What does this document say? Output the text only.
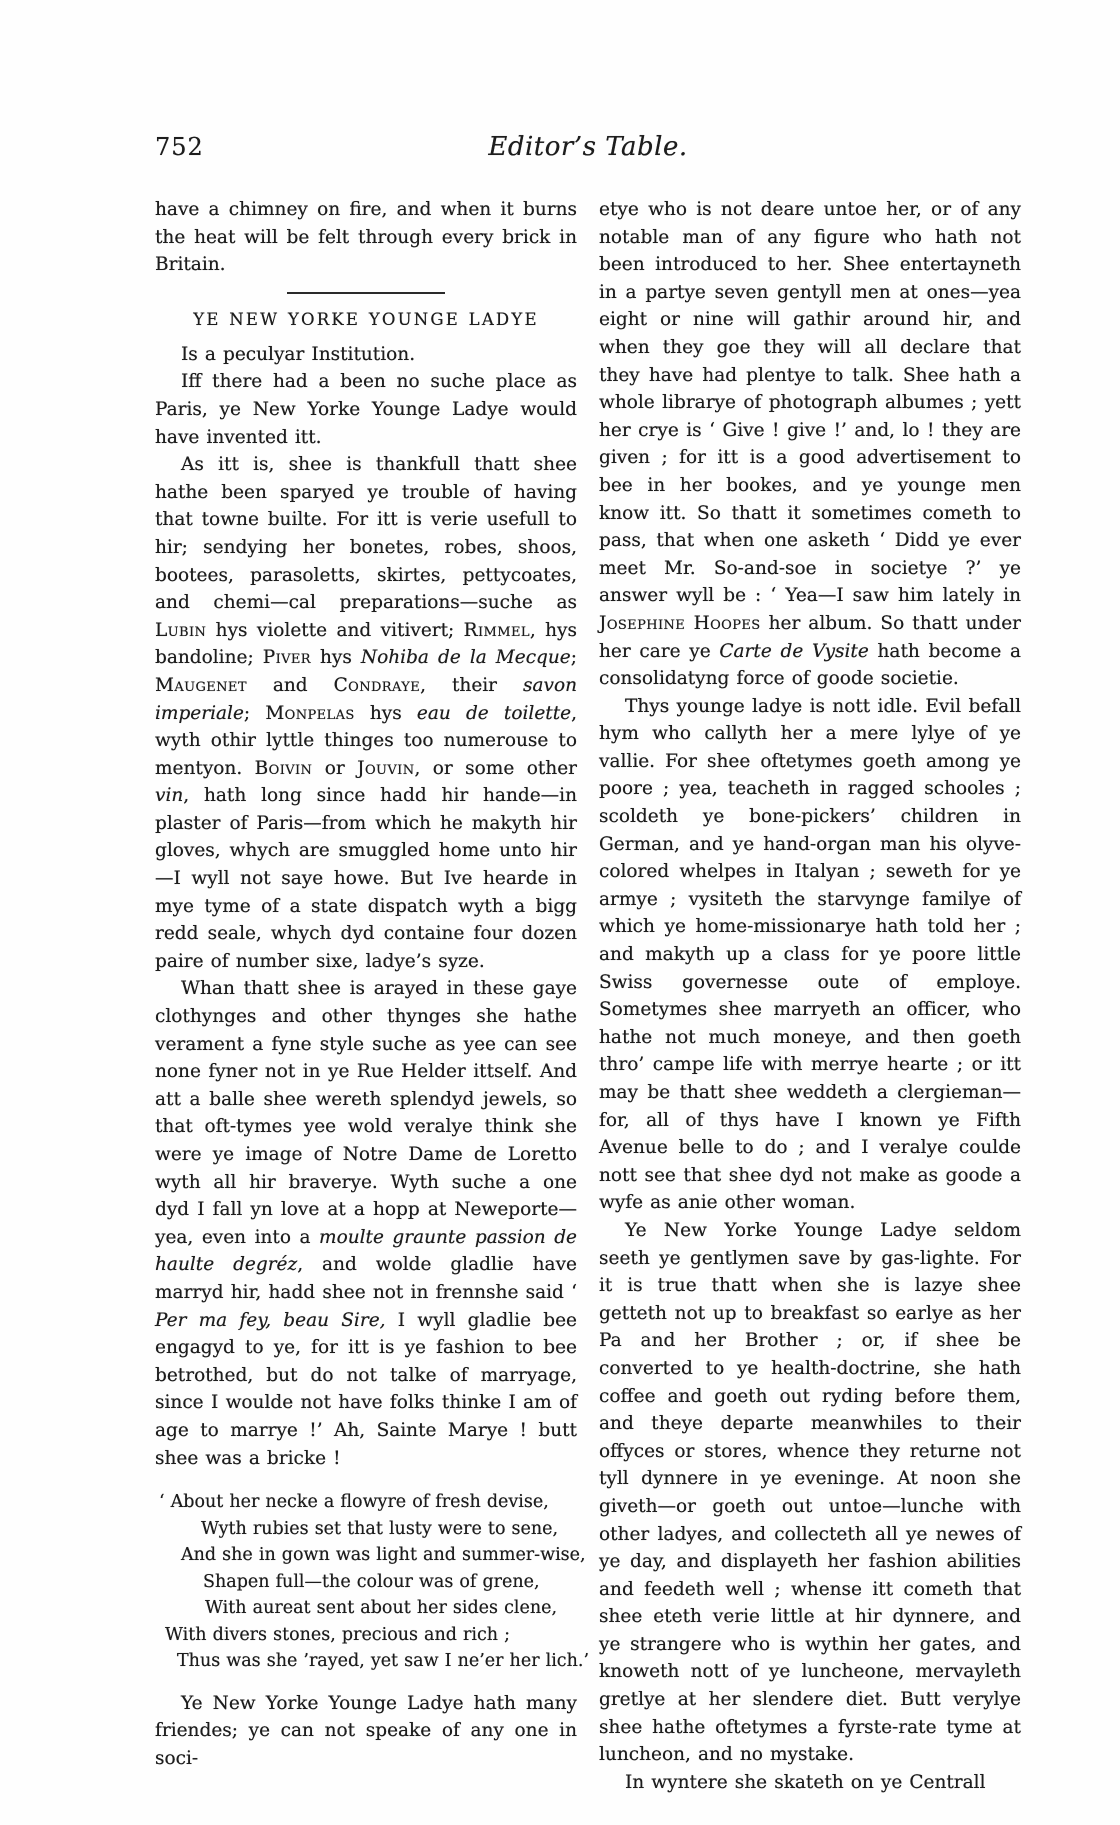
752	Editor’s Table.

have a chimney on fire, and when it burns the heat will be felt through every brick in Britain.

YE NEW YORKE YOUNGE LADYE

Is a peculyar Institution.

Iff there had a been no suche place as Paris, ye New Yorke Younge Ladye would have invented itt.

As itt is, shee is thankfull thatt shee hathe been sparyed ye trouble of having that towne builte. For itt is verie usefull to hir; sendying her bonetes, robes, shoos, bootees, parasoletts, skirtes, pettycoates, and chemi—cal preparations—suche as Lubin hys violette and vitivert; Rimmel, hys bandoline; Piver hys Nohiba de la Mecque; Maugenet and Condraye, their savon imperiale; Monpelas hys eau de toilette, wyth othir lyttle thinges too numerouse to mentyon. Boivin or Jouvin, or some other vin, hath long since hadd hir hande—in plaster of Paris—from which he makyth hir gloves, whych are smuggled home unto hir—I wyll not saye howe. But Ive hearde in mye tyme of a state dispatch wyth a bigg redd seale, whych dyd containe four dozen paire of number sixe, ladye’s syze.

Whan thatt shee is arayed in these gaye clothynges and other thynges she hathe verament a fyne style suche as yee can see none fyner not in ye Rue Helder ittself. And att a balle shee wereth splendyd jewels, so that oft-tymes yee wold veralye think she were ye image of Notre Dame de Loretto wyth all hir braverye. Wyth suche a one dyd I fall yn love at a hopp at Neweporte—yea, even into a moulte graunte passion de haulte degréz, and wolde gladlie have marryd hir, hadd shee not in frennshe said ‘ Per ma fey, beau Sire, I wyll gladlie bee engagyd to ye, for itt is ye fashion to bee betrothed, but do not talke of marryage, since I woulde not have folks thinke I am of age to marrye !’ Ah, Sainte Marye ! butt shee was a bricke !

‘ About her necke a flowyre of fresh devise,
Wyth rubies set that lusty were to sene,
And she in gown was light and summer-wise,
Shapen full—the colour was of grene,
With aureat sent about her sides clene,
With divers stones, precious and rich ;
Thus was she ’rayed, yet saw I ne’er her lich.’

Ye New Yorke Younge Ladye hath many friendes; ye can not speake of any one in soci-

etye who is not deare untoe her, or of any notable man of any figure who hath not been introduced to her. Shee entertayneth in a partye seven gentyll men at ones—yea eight or nine will gathir around hir, and when they goe they will all declare that they have had plentye to talk. Shee hath a whole librarye of photograph albumes ; yett her crye is ‘ Give ! give !’ and, lo ! they are given ; for itt is a good advertisement to bee in her bookes, and ye younge men know itt. So thatt it sometimes cometh to pass, that when one asketh ‘ Didd ye ever meet Mr. So-and-soe in societye ?’ ye answer wyll be : ‘ Yea—I saw him lately in Josephine Hoopes her album. So thatt under her care ye Carte de Vysite hath become a consolidatyng force of goode societie.

Thys younge ladye is nott idle. Evil befall hym who callyth her a mere lylye of ye vallie. For shee oftetymes goeth among ye poore ; yea, teacheth in ragged schooles ; scoldeth ye bone-pickers’ children in German, and ye hand-organ man his olyve-colored whelpes in Italyan ; seweth for ye armye ; vysiteth the starvynge familye of which ye home-missionarye hath told her ; and makyth up a class for ye poore little Swiss governesse oute of employe. Sometymes shee marryeth an officer, who hathe not much moneye, and then goeth thro’ campe life with merrye hearte ; or itt may be thatt shee weddeth a clergieman—for, all of thys have I known ye Fifth Avenue belle to do ; and I veralye coulde nott see that shee dyd not make as goode a wyfe as anie other woman.

Ye New Yorke Younge Ladye seldom seeth ye gentlymen save by gas-lighte. For it is true thatt when she is lazye shee getteth not up to breakfast so earlye as her Pa and her Brother ; or, if shee be converted to ye health-doctrine, she hath coffee and goeth out ryding before them, and theye departe meanwhiles to their offyces or stores, whence they returne not tyll dynnere in ye eveninge. At noon she giveth—or goeth out untoe—lunche with other ladyes, and collecteth all ye newes of ye day, and displayeth her fashion abilities and feedeth well ; whense itt cometh that shee eteth verie little at hir dynnere, and ye strangere who is wythin her gates, and knoweth nott of ye luncheone, mervayleth gretlye at her slendere diet. Butt verylye shee hathe oftetymes a fyrste-rate tyme at luncheon, and no mystake.

In wyntere she skateth on ye Centrall
